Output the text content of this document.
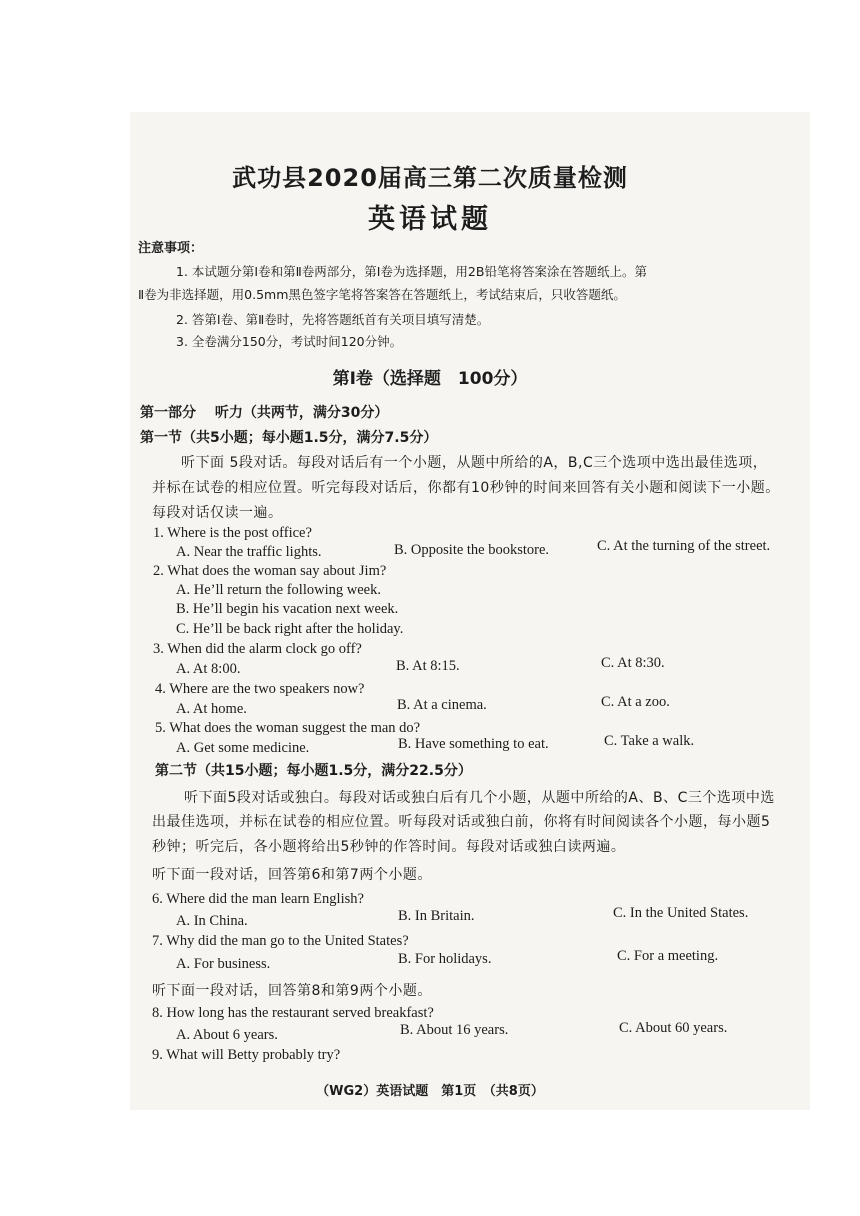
武功县2020届高三第二次质量检测
英语试题
注意事项：
1. 本试题分第Ⅰ卷和第Ⅱ卷两部分，第Ⅰ卷为选择题，用2B铅笔将答案涂在答题纸上。第
Ⅱ卷为非选择题，用0.5mm黑色签字笔将答案答在答题纸上，考试结束后，只收答题纸。
2. 答第Ⅰ卷、第Ⅱ卷时，先将答题纸首有关项目填写清楚。
3. 全卷满分150分，考试时间120分钟。
第Ⅰ卷（选择题　100分）
第一部分　 听力（共两节，满分30分）
第一节（共5小题；每小题1.5分，满分7.5分）
听下面 5段对话。每段对话后有一个小题，从题中所给的A，B,C三个选项中选出最佳选项，
并标在试卷的相应位置。听完每段对话后，你都有10秒钟的时间来回答有关小题和阅读下一小题。
每段对话仅读一遍。
1. Where is the post office?
A. Near the traffic lights.	B. Opposite the bookstore.	C. At the turning of the street.
2. What does the woman say about Jim?
A. He’ll return the following week.
B. He’ll begin his vacation next week.
C. He’ll be back right after the holiday.
3. When did the alarm clock go off?
A. At 8:00.	B. At 8:15.	C. At 8:30.
4. Where are the two speakers now?
A. At home.	B. At a cinema.	C. At a zoo.
5. What does the woman suggest the man do?
A. Get some medicine.	B. Have something to eat.	C. Take a walk.
第二节（共15小题；每小题1.5分，满分22.5分）
听下面5段对话或独白。每段对话或独白后有几个小题，从题中所给的A、B、C三个选项中选
出最佳选项，并标在试卷的相应位置。听每段对话或独白前，你将有时间阅读各个小题，每小题5
秒钟；听完后，各小题将给出5秒钟的作答时间。每段对话或独白读两遍。
听下面一段对话，回答第6和第7两个小题。
6. Where did the man learn English?
A. In China.	B. In Britain.	C. In the United States.
7. Why did the man go to the United States?
A. For business.	B. For holidays.	C. For a meeting.
听下面一段对话，回答第8和第9两个小题。
8. How long has the restaurant served breakfast?
A. About 6 years.	B. About 16 years.	C. About 60 years.
9. What will Betty probably try?
（WG2）英语试题　第1页　（共8页）
